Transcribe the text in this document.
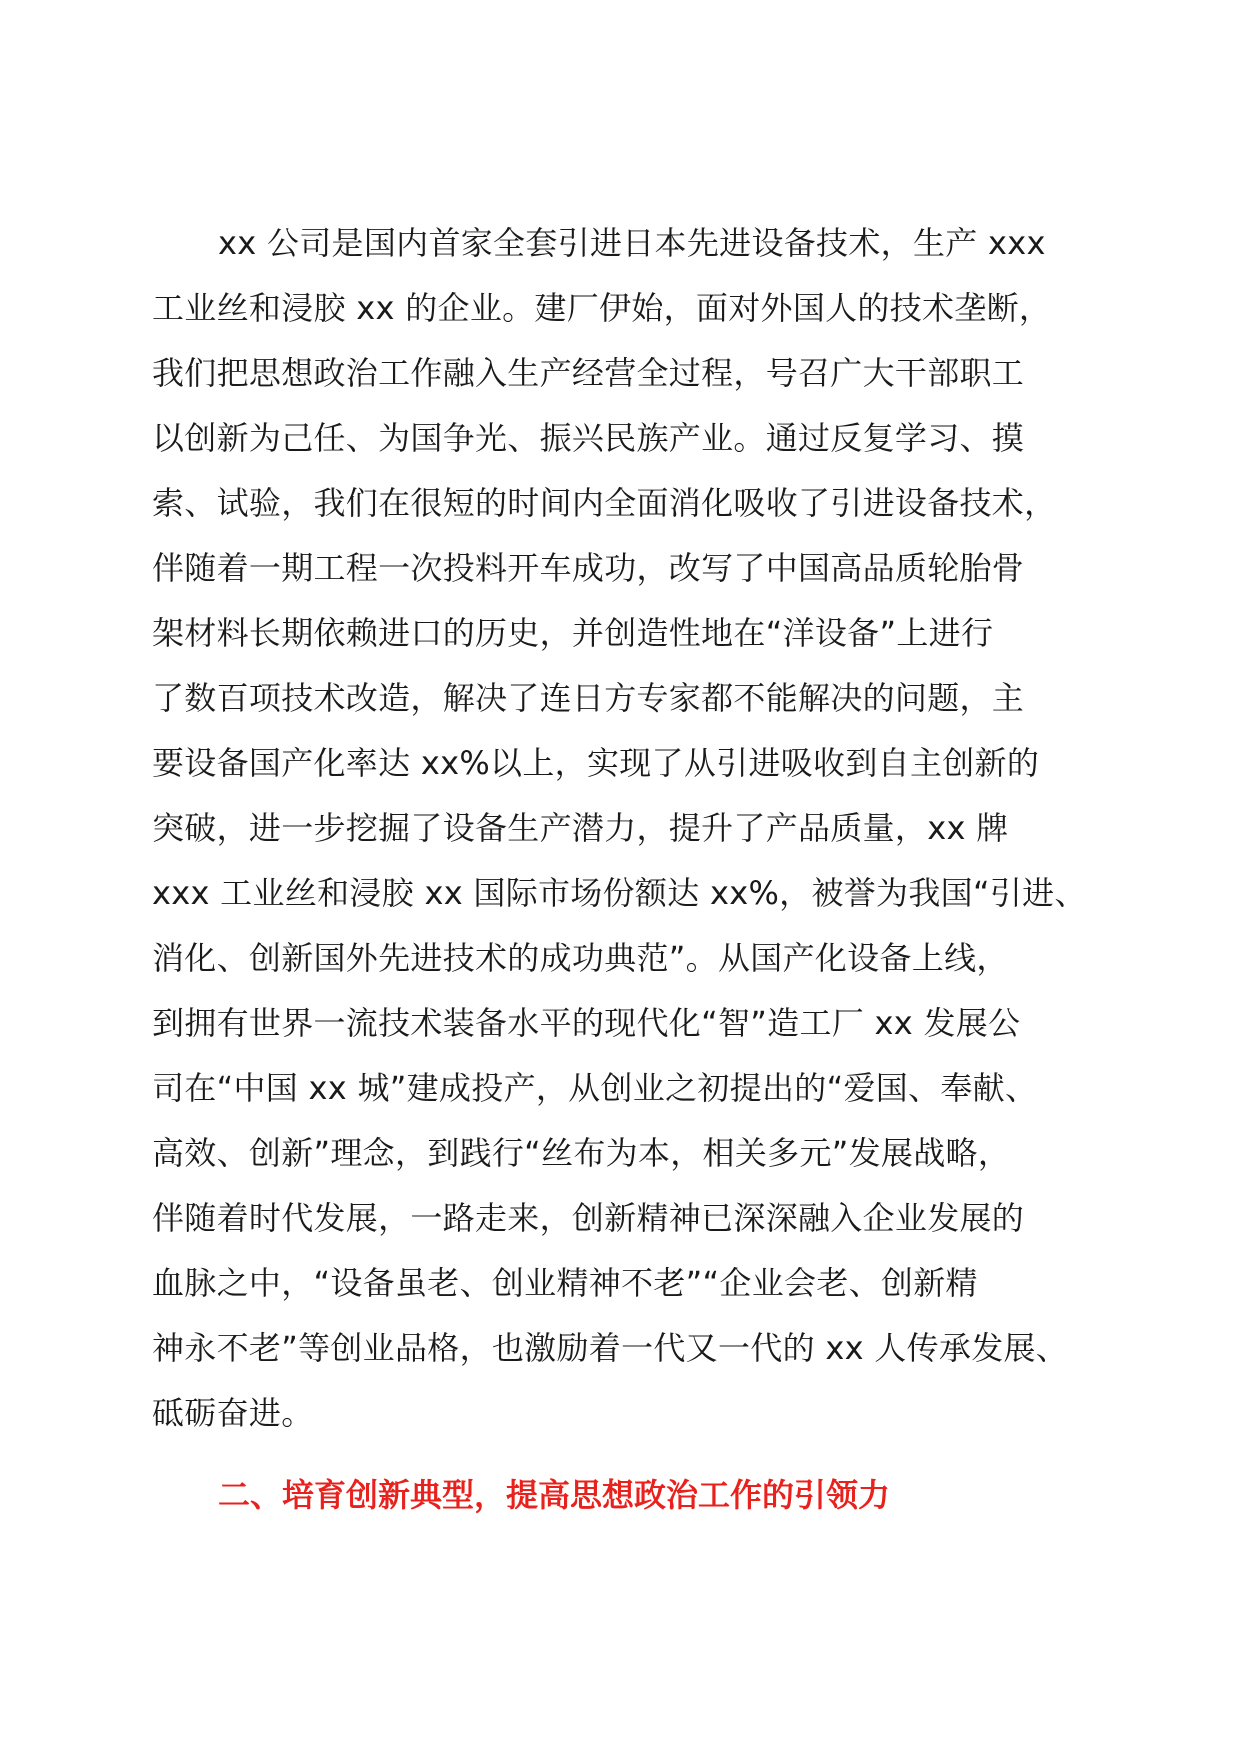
xx 公司是国内首家全套引进日本先进设备技术，生产 xxx
工业丝和浸胶 xx 的企业。建厂伊始，面对外国人的技术垄断，
我们把思想政治工作融入生产经营全过程，号召广大干部职工
以创新为己任、为国争光、振兴民族产业。通过反复学习、摸
索、试验，我们在很短的时间内全面消化吸收了引进设备技术，
伴随着一期工程一次投料开车成功，改写了中国高品质轮胎骨
架材料长期依赖进口的历史，并创造性地在“洋设备”上进行
了数百项技术改造，解决了连日方专家都不能解决的问题，主
要设备国产化率达 xx%以上，实现了从引进吸收到自主创新的
突破，进一步挖掘了设备生产潜力，提升了产品质量，xx 牌
xxx 工业丝和浸胶 xx 国际市场份额达 xx%，被誉为我国“引进、
消化、创新国外先进技术的成功典范”。从国产化设备上线，
到拥有世界一流技术装备水平的现代化“智”造工厂 xx 发展公
司在“中国 xx 城”建成投产，从创业之初提出的“爱国、奉献、
高效、创新”理念，到践行“丝布为本，相关多元”发展战略，
伴随着时代发展，一路走来，创新精神已深深融入企业发展的
血脉之中，“设备虽老、创业精神不老”“企业会老、创新精
神永不老”等创业品格，也激励着一代又一代的 xx 人传承发展、
砥砺奋进。
二、培育创新典型，提高思想政治工作的引领力
